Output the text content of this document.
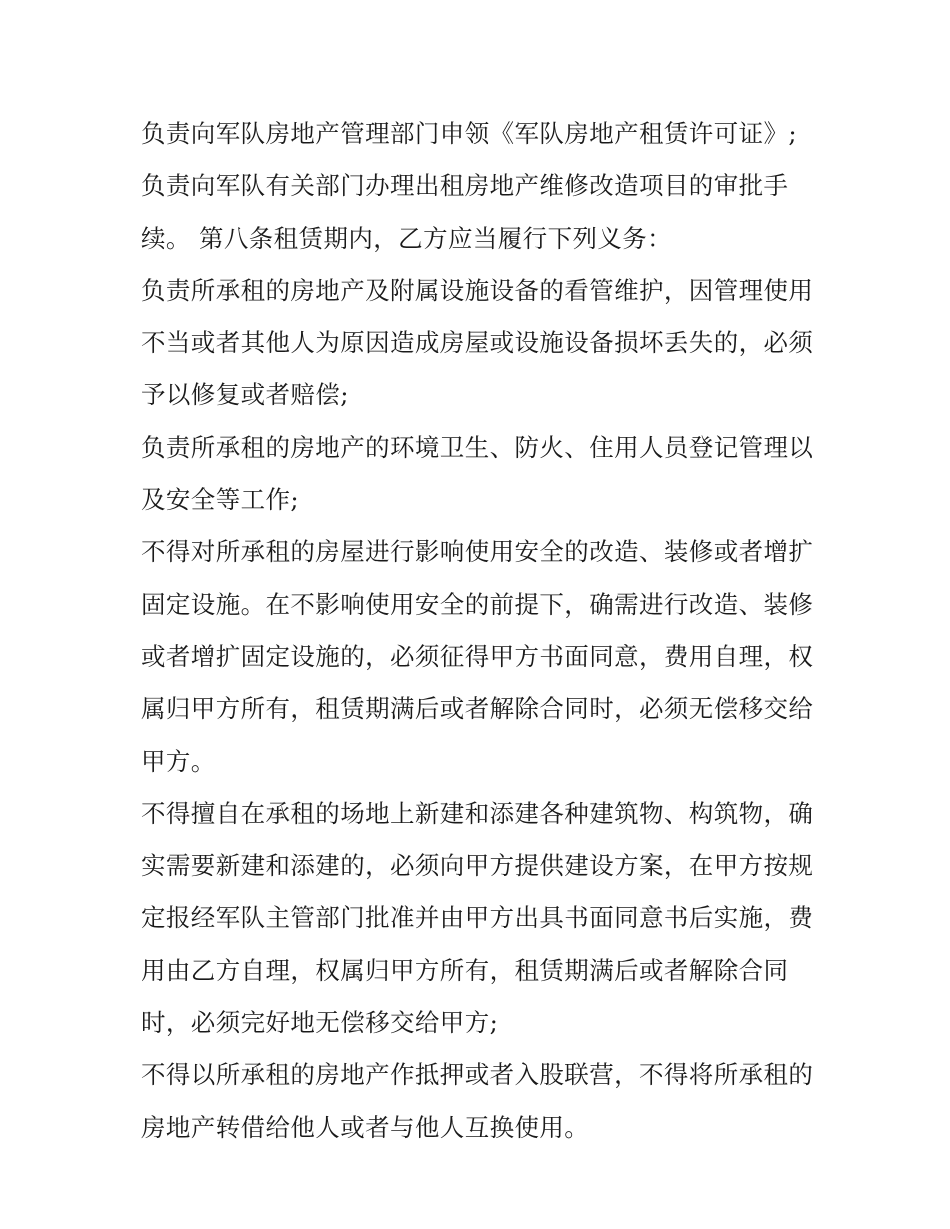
负责向军队房地产管理部门申领《军队房地产租赁许可证》;

负责向军队有关部门办理出租房地产维修改造项目的审批手续。 第八条租赁期内，乙方应当履行下列义务：

负责所承租的房地产及附属设施设备的看管维护，因管理使用不当或者其他人为原因造成房屋或设施设备损坏丢失的，必须予以修复或者赔偿;

负责所承租的房地产的环境卫生、防火、住用人员登记管理以及安全等工作;

不得对所承租的房屋进行影响使用安全的改造、装修或者增扩固定设施。在不影响使用安全的前提下，确需进行改造、装修或者增扩固定设施的，必须征得甲方书面同意，费用自理，权属归甲方所有，租赁期满后或者解除合同时，必须无偿移交给甲方。

不得擅自在承租的场地上新建和添建各种建筑物、构筑物，确实需要新建和添建的，必须向甲方提供建设方案，在甲方按规定报经军队主管部门批准并由甲方出具书面同意书后实施，费用由乙方自理，权属归甲方所有，租赁期满后或者解除合同时，必须完好地无偿移交给甲方;

不得以所承租的房地产作抵押或者入股联营，不得将所承租的房地产转借给他人或者与他人互换使用。
